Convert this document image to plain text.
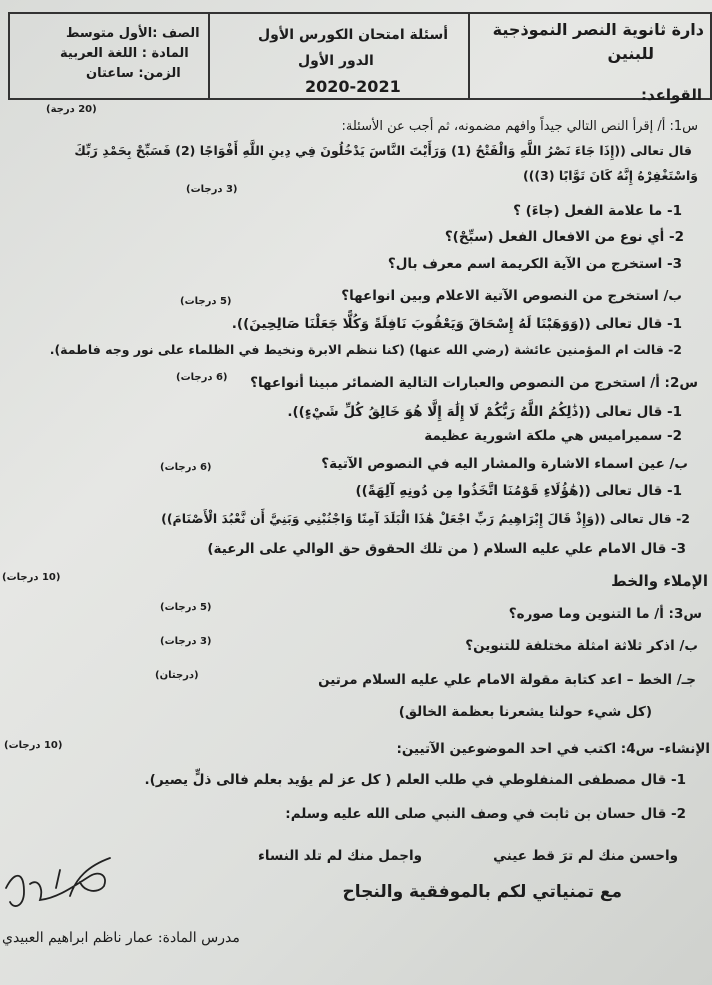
دارة ثانوية النصر النموذجية
للبنين
أسئلة امتحان الكورس الأول
الدور الأول
2020-2021
الصف :الأول متوسط
المادة : اللغة العربية
الزمن: ساعتان
القواعد:
(20 درجة)
س1: أ/ إقرأ النص التالي جيداً وافهم مضمونه، ثم أجب عن الأسئلة:
قال تعالى ((إِذَا جَاءَ نَصْرُ اللَّهِ وَالْفَتْحُ (1) وَرَأَيْتَ النَّاسَ يَدْخُلُونَ فِي دِينِ اللَّهِ أَفْوَاجًا (2) فَسَبِّحْ بِحَمْدِ رَبِّكَ
وَاسْتَغْفِرْهُ إِنَّهُ كَانَ تَوَّابًا (3)))
(3 درجات)
1- ما علامة الفعل (جاءَ) ؟
2- أي نوع من الافعال الفعل (سبِّحْ)؟
3- استخرج من الآية الكريمة اسم معرف بال؟
ب/ استخرج من النصوص الآتية الاعلام وبين انواعها؟
(5 درجات)
1- قال تعالى ((وَوَهَبْنَا لَهُ إِسْحَاقَ وَيَعْقُوبَ نَافِلَةً وَكُلًّا جَعَلْنَا صَالِحِينَ)).
2- قالت ام المؤمنين عائشة (رضي الله عنها) (كنا ننظم الابرة ونخيط في الظلماء على نور وجه فاطمة).
س2: أ/ استخرج من النصوص والعبارات التالية الضمائر مبينا أنواعها؟
(6 درجات)
1- قال تعالى ((ذَٰلِكُمُ اللَّهُ رَبُّكُمْ لَا إِلَٰهَ إِلَّا هُوَ خَالِقُ كُلِّ شَيْءٍ)).
2- سميراميس هي ملكة اشورية عظيمة
ب/ عين اسماء الاشارة والمشار اليه في النصوص الآتية؟
(6 درجات)
1- قال تعالى ((هَٰؤُلَاءِ قَوْمُنَا اتَّخَذُوا مِن دُونِهِ آلِهَةً))
2- قال تعالى ((وَإِذْ قَالَ إِبْرَاهِيمُ رَبِّ اجْعَلْ هَٰذَا الْبَلَدَ آمِنًا وَاجْنُبْنِي وَبَنِيَّ أَن نَّعْبُدَ الْأَصْنَامَ))
3- قال الامام علي عليه السلام ( من تلك الحقوق حق الوالي على الرعية)
الإملاء والخط
(10 درجات)
(5 درجات)	س3: أ/ ما التنوين وما صوره؟
(3 درجات)	ب/ اذكر ثلاثة امثلة مختلفة للتنوين؟
(درجتان)	جـ/ الخط – اعد كتابة مقولة الامام علي عليه السلام مرتين
(كل شيء حولنا يشعرنا بعظمة الخالق)
الإنشاء- س4: اكتب في احد الموضوعين الآتيين:
(10 درجات)
1- قال مصطفى المنفلوطي في طلب العلم ( كل عز لم يؤيد بعلم فالى ذلٍّ يصير).
2- قال حسان بن ثابت في وصف النبي صلى الله عليه وسلم:
واجمل منك لم تلد النساء	واحسن منك لم ترَ قط عيني
مع تمنياتي لكم بالموفقية والنجاح
مدرس المادة: عمار ناظم ابراهيم العبيدي
